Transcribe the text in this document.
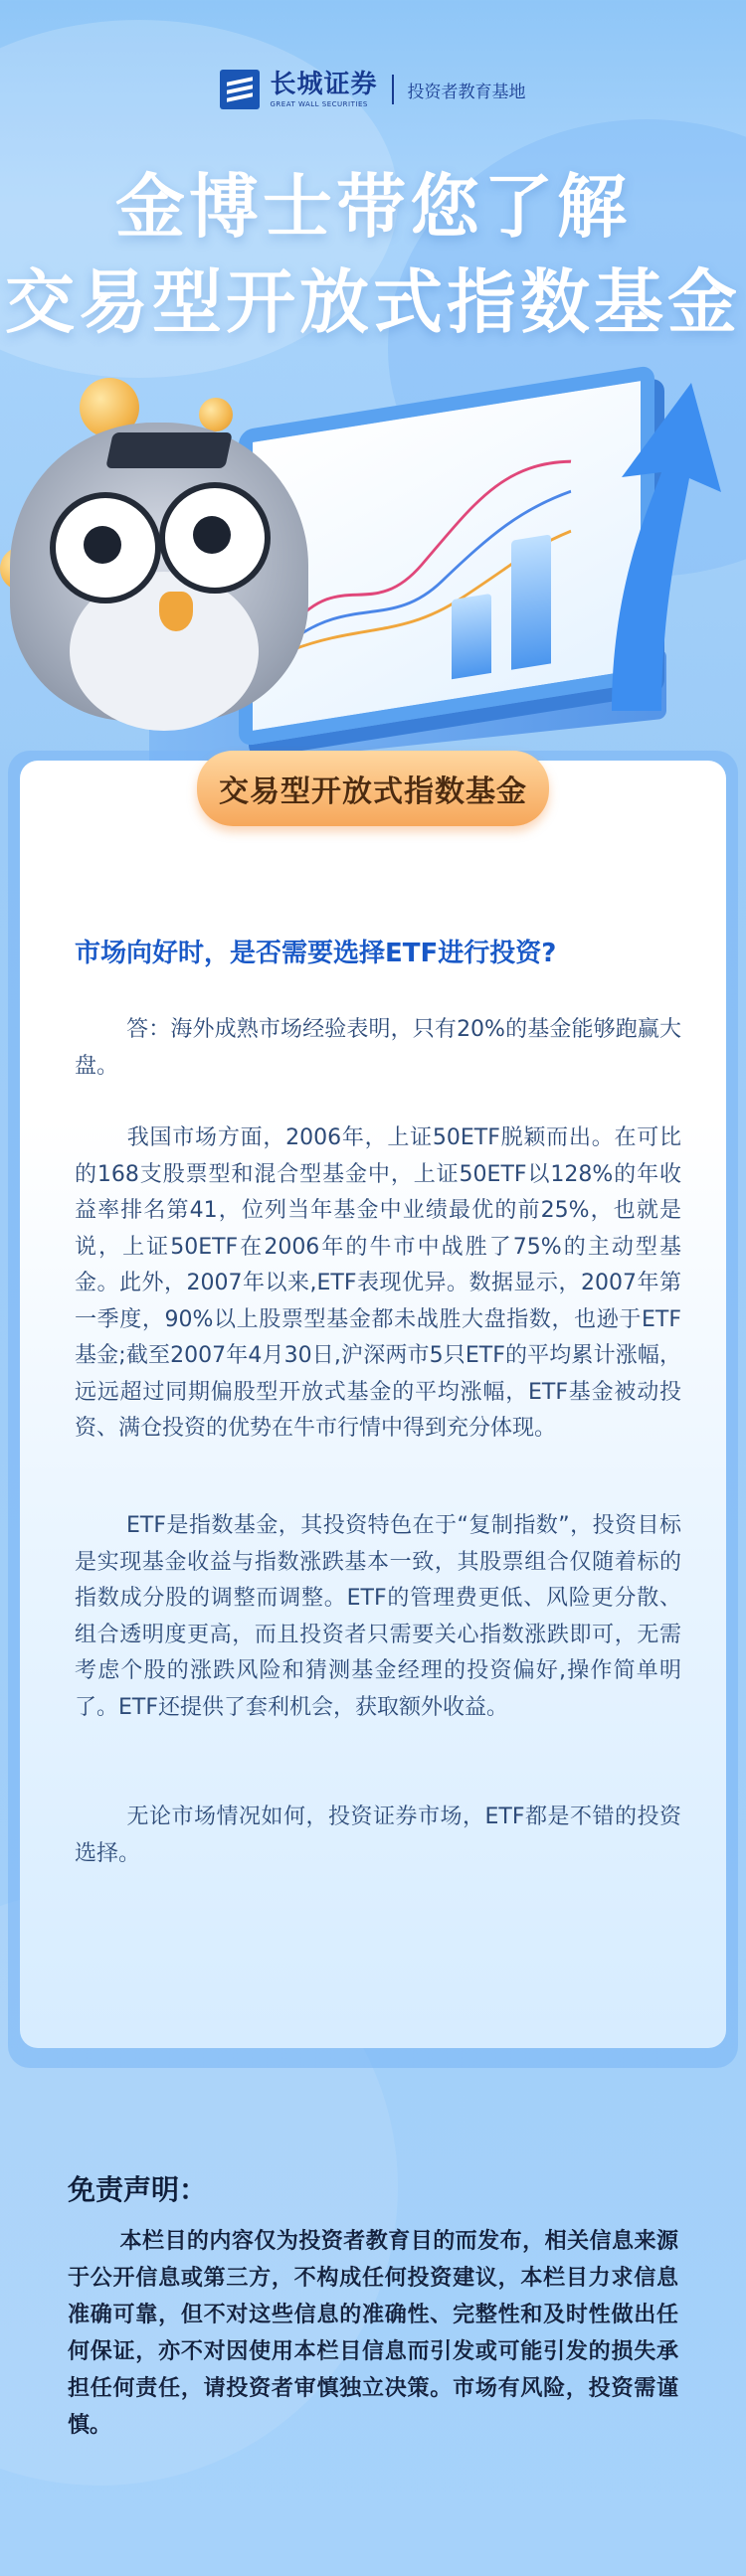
长城证券
GREAT WALL SECURITIES
投资者教育基地
金博士带您了解
交易型开放式指数基金
交易型开放式指数基金
市场向好时，是否需要选择ETF进行投资?
答：海外成熟市场经验表明，只有20%的基金能够跑赢大盘。
我国市场方面，2006年，上证50ETF脱颖而出。在可比的168支股票型和混合型基金中，上证50ETF以128%的年收益率排名第41，位列当年基金中业绩最优的前25%，也就是说，上证50ETF在2006年的牛市中战胜了75%的主动型基金。此外，2007年以来,ETF表现优异。数据显示，2007年第一季度，90%以上股票型基金都未战胜大盘指数，也逊于ETF基金;截至2007年4月30日,沪深两市5只ETF的平均累计涨幅，远远超过同期偏股型开放式基金的平均涨幅，ETF基金被动投资、满仓投资的优势在牛市行情中得到充分体现。
ETF是指数基金，其投资特色在于“复制指数”，投资目标是实现基金收益与指数涨跌基本一致，其股票组合仅随着标的指数成分股的调整而调整。ETF的管理费更低、风险更分散、组合透明度更高，而且投资者只需要关心指数涨跌即可，无需考虑个股的涨跌风险和猜测基金经理的投资偏好,操作简单明了。ETF还提供了套利机会，获取额外收益。
无论市场情况如何，投资证券市场，ETF都是不错的投资选择。
免责声明：
本栏目的内容仅为投资者教育目的而发布，相关信息来源于公开信息或第三方，不构成任何投资建议，本栏目力求信息准确可靠，但不对这些信息的准确性、完整性和及时性做出任何保证，亦不对因使用本栏目信息而引发或可能引发的损失承担任何责任，请投资者审慎独立决策。市场有风险，投资需谨慎。
